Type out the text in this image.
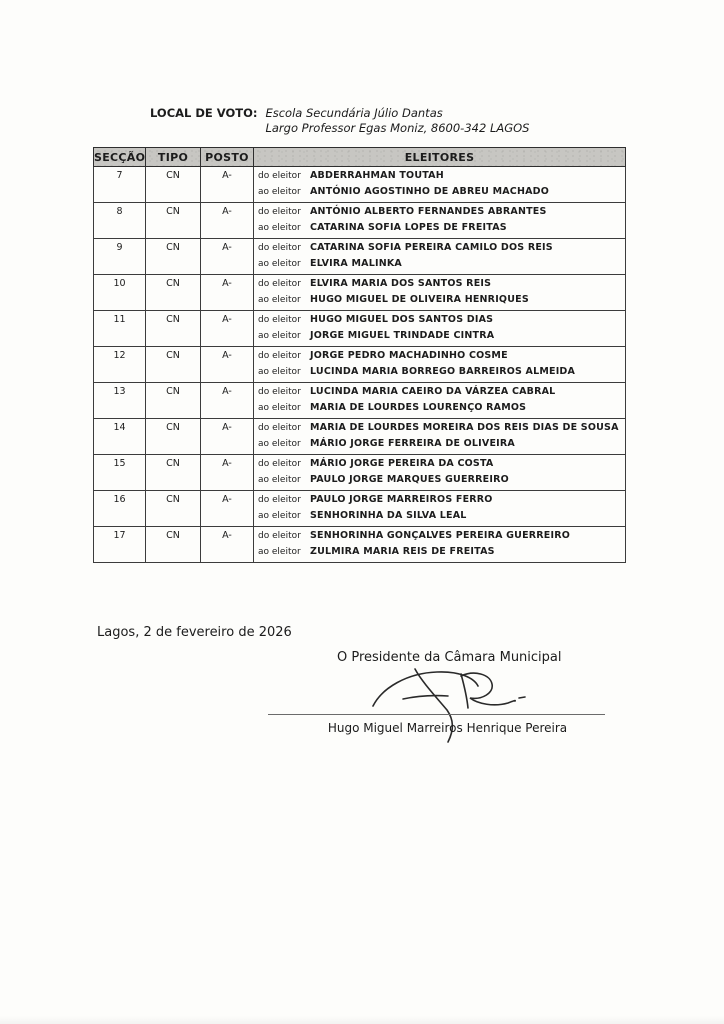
LOCAL DE VOTO: Escola Secundária Júlio Dantas
Largo Professor Egas Moniz, 8600-342 LAGOS
SECÇÃO	TIPO	POSTO	ELEITORES
7	CN	A-	do eleitor ABDERRAHMAN TOUTAH
ao eleitor ANTÓNIO AGOSTINHO DE ABREU MACHADO

8	CN	A-	do eleitor ANTÓNIO ALBERTO FERNANDES ABRANTES
ao eleitor CATARINA SOFIA LOPES DE FREITAS

9	CN	A-	do eleitor CATARINA SOFIA PEREIRA CAMILO DOS REIS
ao eleitor ELVIRA MALINKA

10	CN	A-	do eleitor ELVIRA MARIA DOS SANTOS REIS
ao eleitor HUGO MIGUEL DE OLIVEIRA HENRIQUES

11	CN	A-	do eleitor HUGO MIGUEL DOS SANTOS DIAS
ao eleitor JORGE MIGUEL TRINDADE CINTRA

12	CN	A-	do eleitor JORGE PEDRO MACHADINHO COSME
ao eleitor LUCINDA MARIA BORREGO BARREIROS ALMEIDA

13	CN	A-	do eleitor LUCINDA MARIA CAEIRO DA VÁRZEA CABRAL
ao eleitor MARIA DE LOURDES LOURENÇO RAMOS

14	CN	A-	do eleitor MARIA DE LOURDES MOREIRA DOS REIS DIAS DE SOUSA
ao eleitor MÁRIO JORGE FERREIRA DE OLIVEIRA

15	CN	A-	do eleitor MÁRIO JORGE PEREIRA DA COSTA
ao eleitor PAULO JORGE MARQUES GUERREIRO

16	CN	A-	do eleitor PAULO JORGE MARREIROS FERRO
ao eleitor SENHORINHA DA SILVA LEAL

17	CN	A-	do eleitor SENHORINHA GONÇALVES PEREIRA GUERREIRO
ao eleitor ZULMIRA MARIA REIS DE FREITAS
Lagos, 2 de fevereiro de 2026
O Presidente da Câmara Municipal
Hugo Miguel Marreiros Henrique Pereira
